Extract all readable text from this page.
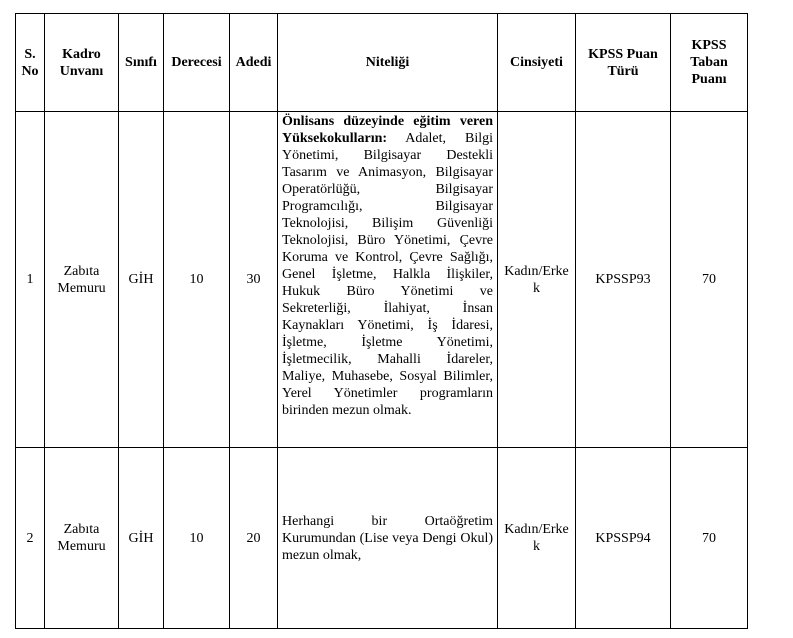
S. No	Kadro Unvanı	Sınıfı	Derecesi	Adedi	Niteliği	Cinsiyeti	KPSS Puan Türü	KPSS Taban Puanı
1	Zabıta Memuru	GİH	10	30	Önlisans düzeyinde eğitim veren Yüksekokulların: Adalet, Bilgi Yönetimi, Bilgisayar Destekli Tasarım ve Animasyon, Bilgisayar Operatörlüğü, Bilgisayar Programcılığı, Bilgisayar Teknolojisi, Bilişim Güvenliği Teknolojisi, Büro Yönetimi, Çevre Koruma ve Kontrol, Çevre Sağlığı, Genel İşletme, Halkla İlişkiler, Hukuk Büro Yönetimi ve Sekreterliği, İlahiyat, İnsan Kaynakları Yönetimi, İş İdaresi, İşletme, İşletme Yönetimi, İşletmecilik, Mahalli İdareler, Maliye, Muhasebe, Sosyal Bilimler, Yerel Yönetimler programların birinden mezun olmak.	Kadın/Erkek	KPSSP93	70
2	Zabıta Memuru	GİH	10	20	Herhangi bir Ortaöğretim Kurumundan (Lise veya Dengi Okul) mezun olmak,	Kadın/Erkek	KPSSP94	70
